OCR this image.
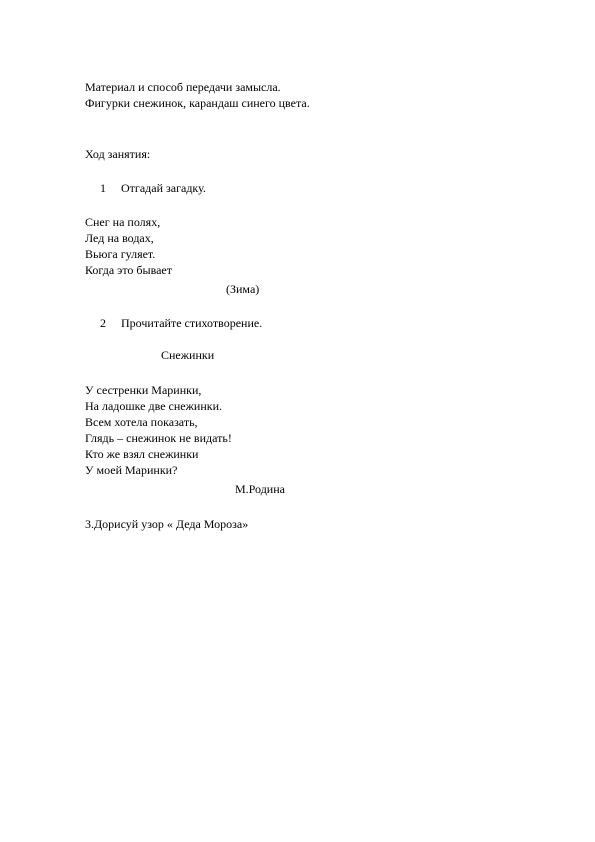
Материал и способ передачи замысла.
Фигурки снежинок, карандаш синего цвета.
Ход занятия:
1 Отгадай загадку.
Снег на полях,
Лед на водах,
Вьюга гуляет.
Когда это бывает
(Зима)
2 Прочитайте стихотворение.
Снежинки
У сестренки Маринки,
На ладошке две снежинки.
Всем хотела показать,
Глядь – снежинок не видать!
Кто же взял снежинки
У моей Маринки?
М.Родина
3.Дорисуй узор « Деда Мороза»
